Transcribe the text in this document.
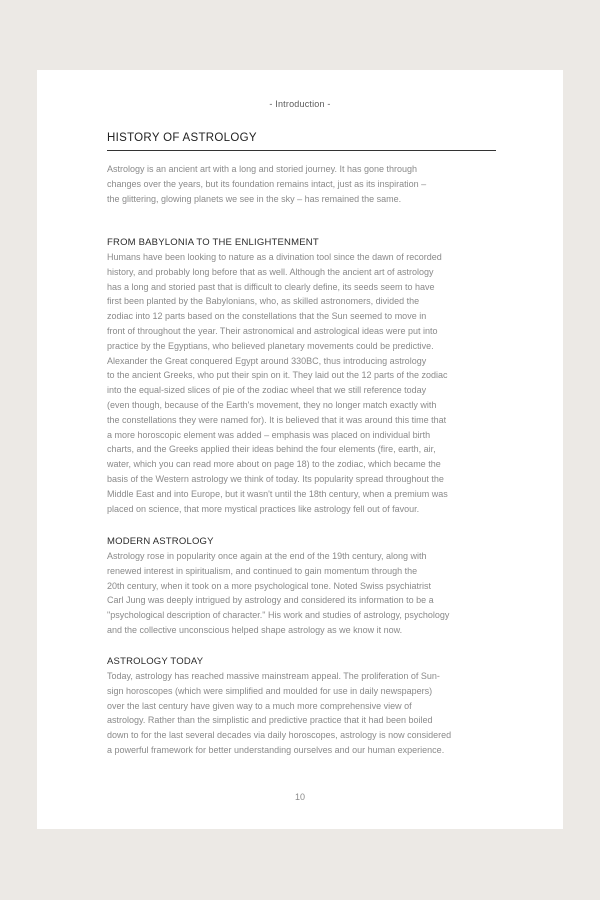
- Introduction -
HISTORY OF ASTROLOGY

Astrology is an ancient art with a long and storied journey. It has gone through
changes over the years, but its foundation remains intact, just as its inspiration –
the glittering, glowing planets we see in the sky – has remained the same.

FROM BABYLONIA TO THE ENLIGHTENMENT

Humans have been looking to nature as a divination tool since the dawn of recorded
history, and probably long before that as well. Although the ancient art of astrology
has a long and storied past that is difficult to clearly define, its seeds seem to have
first been planted by the Babylonians, who, as skilled astronomers, divided the
zodiac into 12 parts based on the constellations that the Sun seemed to move in
front of throughout the year. Their astronomical and astrological ideas were put into
practice by the Egyptians, who believed planetary movements could be predictive.
Alexander the Great conquered Egypt around 330BC, thus introducing astrology
to the ancient Greeks, who put their spin on it. They laid out the 12 parts of the zodiac
into the equal-sized slices of pie of the zodiac wheel that we still reference today
(even though, because of the Earth's movement, they no longer match exactly with
the constellations they were named for). It is believed that it was around this time that
a more horoscopic element was added – emphasis was placed on individual birth
charts, and the Greeks applied their ideas behind the four elements (fire, earth, air,
water, which you can read more about on page 18) to the zodiac, which became the
basis of the Western astrology we think of today. Its popularity spread throughout the
Middle East and into Europe, but it wasn't until the 18th century, when a premium was
placed on science, that more mystical practices like astrology fell out of favour.

MODERN ASTROLOGY

Astrology rose in popularity once again at the end of the 19th century, along with
renewed interest in spiritualism, and continued to gain momentum through the
20th century, when it took on a more psychological tone. Noted Swiss psychiatrist
Carl Jung was deeply intrigued by astrology and considered its information to be a
"psychological description of character." His work and studies of astrology, psychology
and the collective unconscious helped shape astrology as we know it now.

ASTROLOGY TODAY

Today, astrology has reached massive mainstream appeal. The proliferation of Sun-
sign horoscopes (which were simplified and moulded for use in daily newspapers)
over the last century have given way to a much more comprehensive view of
astrology. Rather than the simplistic and predictive practice that it had been boiled
down to for the last several decades via daily horoscopes, astrology is now considered
a powerful framework for better understanding ourselves and our human experience.

10
